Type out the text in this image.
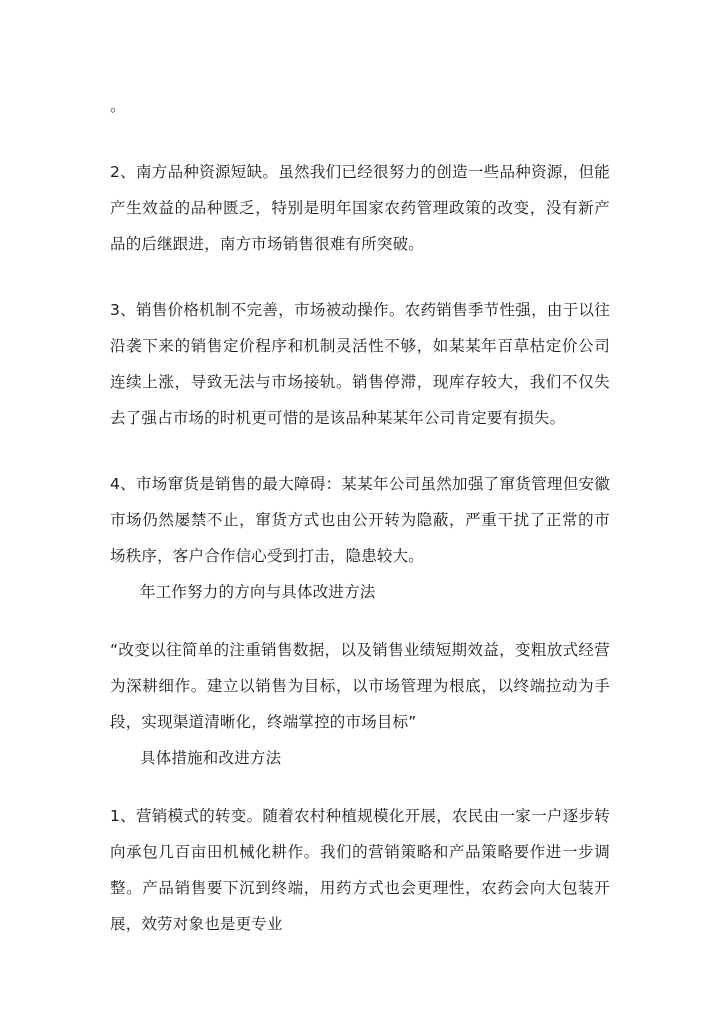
。

2、南方品种资源短缺。虽然我们已经很努力的创造一些品种资源，但能产生效益的品种匮乏，特别是明年国家农药管理政策的改变，没有新产品的后继跟进，南方市场销售很难有所突破。

3、销售价格机制不完善，市场被动操作。农药销售季节性强，由于以往沿袭下来的销售定价程序和机制灵活性不够，如某某年百草枯定价公司连续上涨，导致无法与市场接轨。销售停滞，现库存较大，我们不仅失去了强占市场的时机更可惜的是该品种某某年公司肯定要有损失。

4、市场窜货是销售的最大障碍：某某年公司虽然加强了窜货管理但安徽市场仍然屡禁不止，窜货方式也由公开转为隐蔽，严重干扰了正常的市场秩序，客户合作信心受到打击，隐患较大。

年工作努力的方向与具体改进方法

“改变以往简单的注重销售数据，以及销售业绩短期效益，变粗放式经营为深耕细作。建立以销售为目标，以市场管理为根底，以终端拉动为手段，实现渠道清晰化，终端掌控的市场目标”

具体措施和改进方法

1、营销模式的转变。随着农村种植规模化开展，农民由一家一户逐步转向承包几百亩田机械化耕作。我们的营销策略和产品策略要作进一步调整。产品销售要下沉到终端，用药方式也会更理性，农药会向大包装开展，效劳对象也是更专业
